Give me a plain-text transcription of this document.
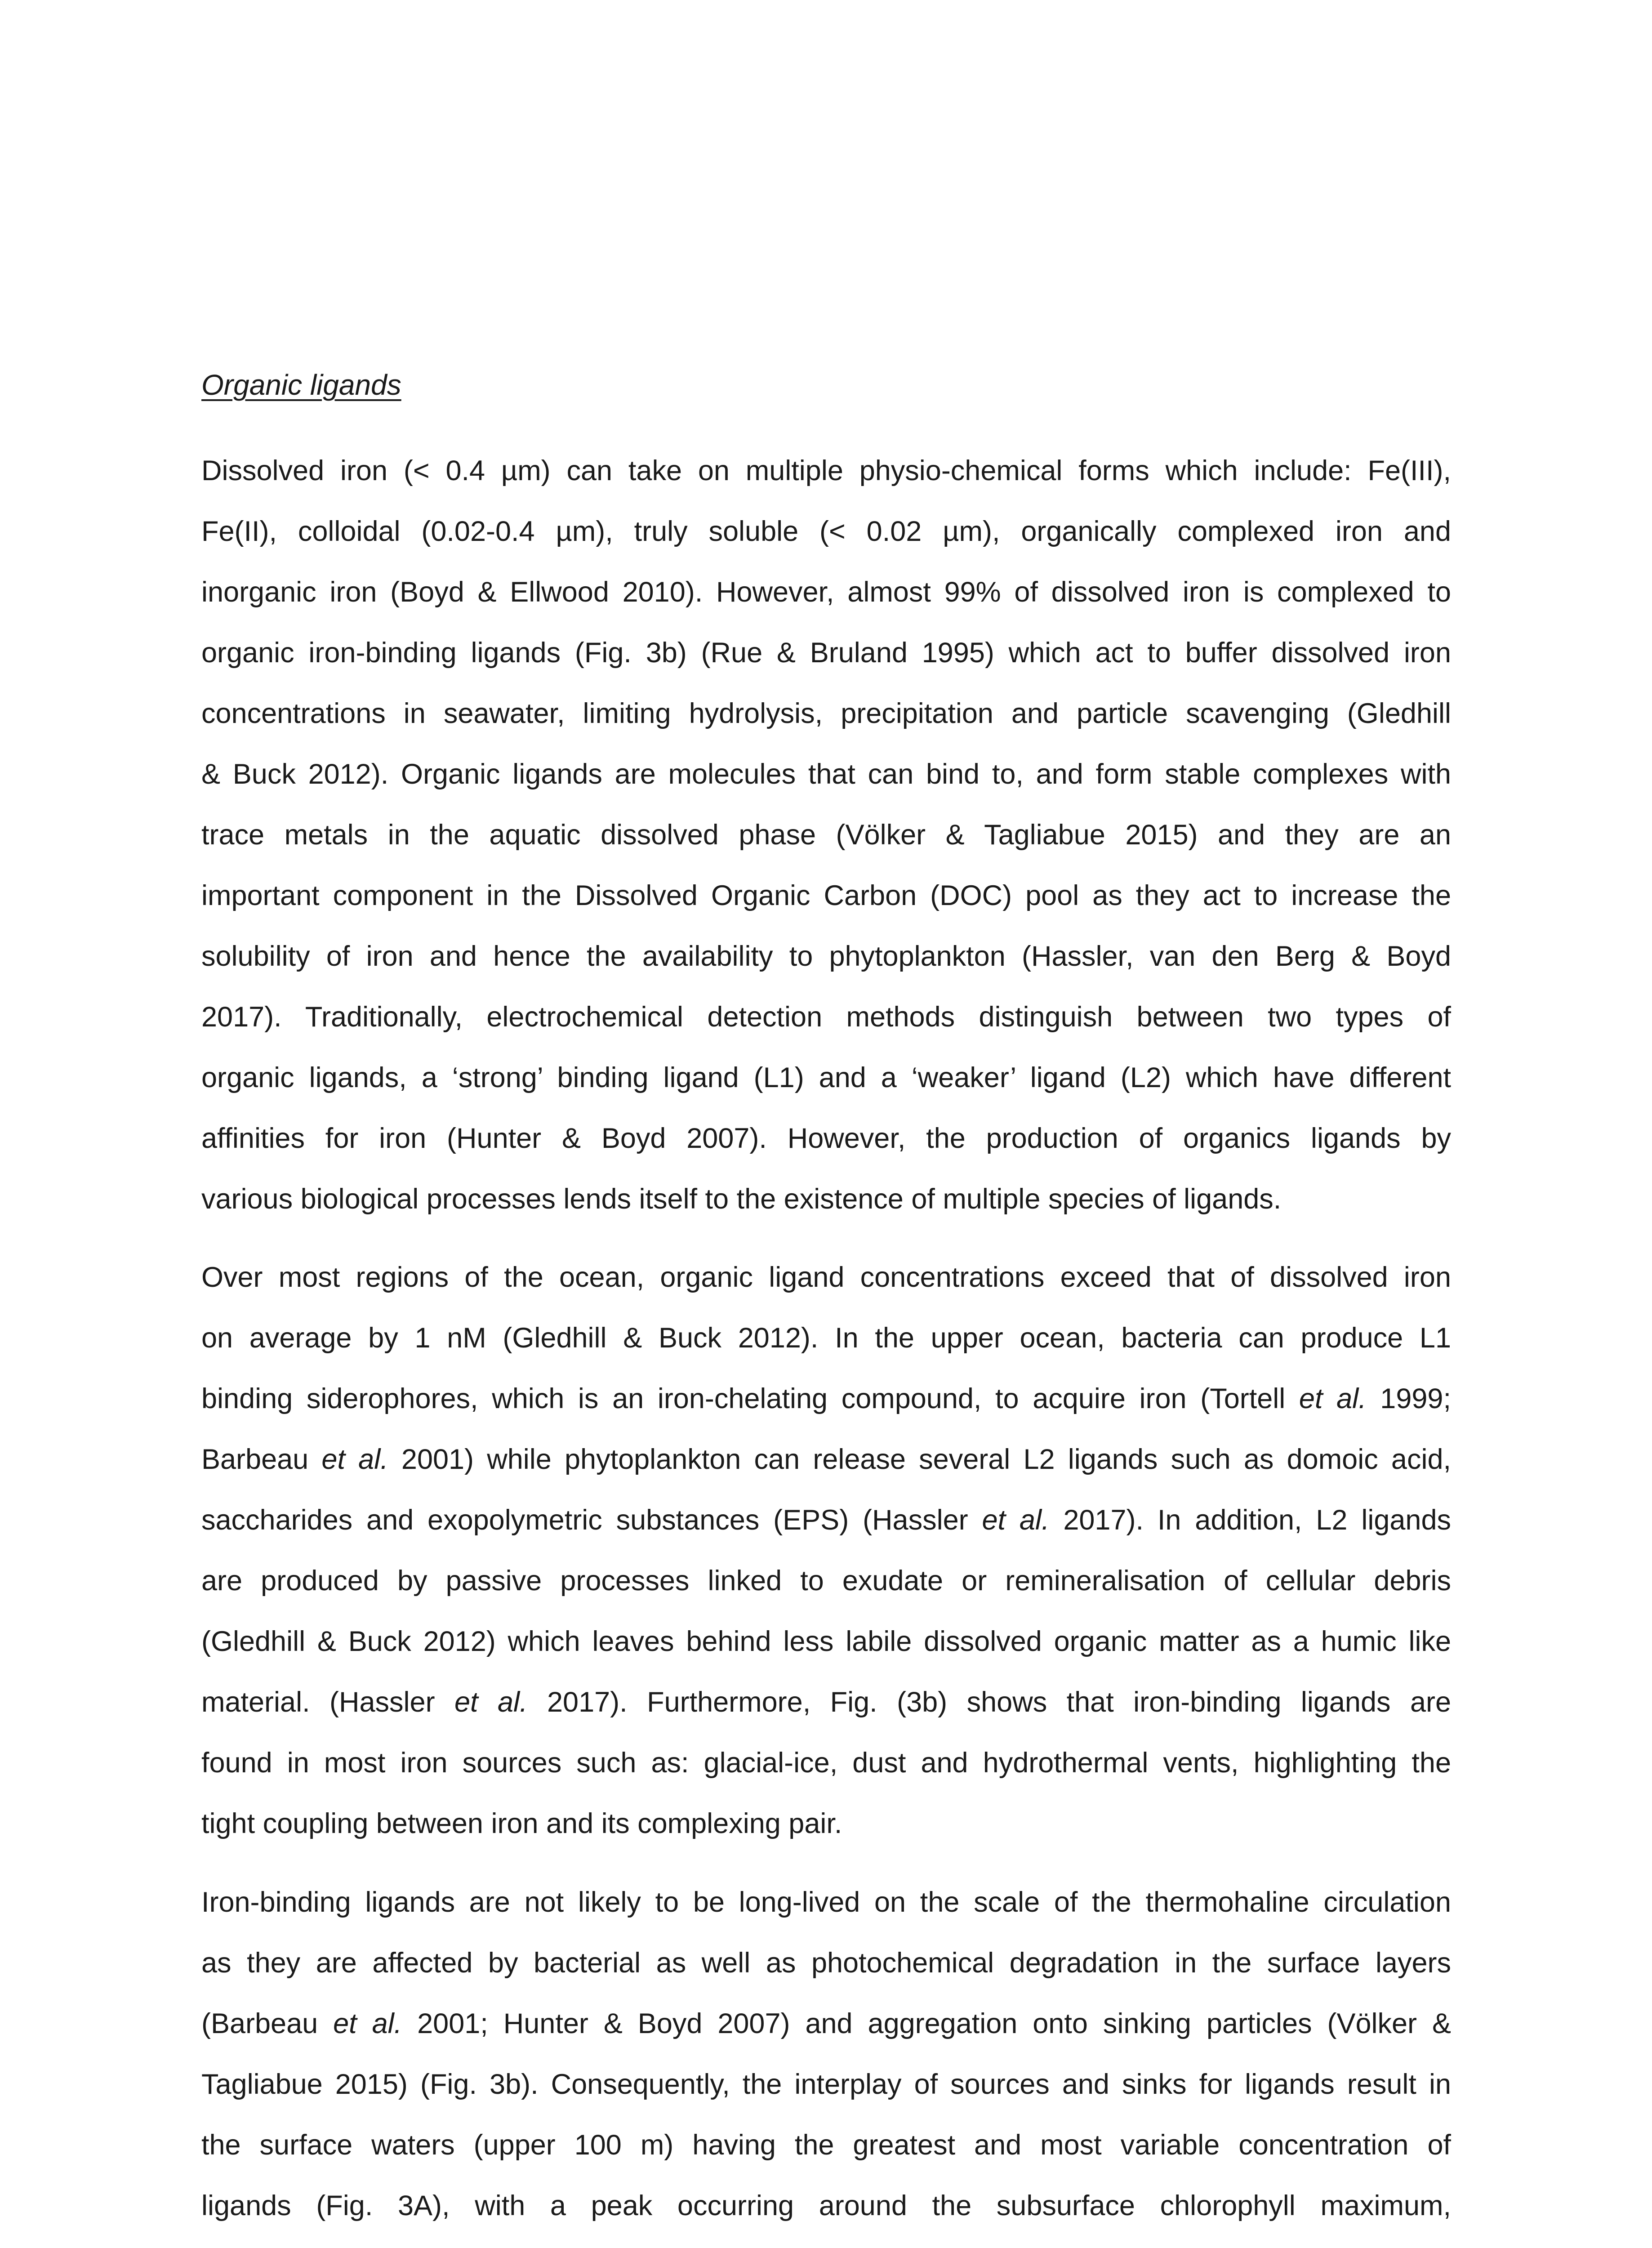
Organic ligands
Dissolved iron (< 0.4 µm) can take on multiple physio-chemical forms which include: Fe(III),
Fe(II), colloidal (0.02-0.4 µm), truly soluble (< 0.02 µm), organically complexed iron and
inorganic iron (Boyd & Ellwood 2010). However, almost 99% of dissolved iron is complexed to
organic iron-binding ligands (Fig. 3b) (Rue & Bruland 1995) which act to buffer dissolved iron
concentrations in seawater, limiting hydrolysis, precipitation and particle scavenging (Gledhill
& Buck 2012). Organic ligands are molecules that can bind to, and form stable complexes with
trace metals in the aquatic dissolved phase (Völker & Tagliabue 2015) and they are an
important component in the Dissolved Organic Carbon (DOC) pool as they act to increase the
solubility of iron and hence the availability to phytoplankton (Hassler, van den Berg & Boyd
2017). Traditionally, electrochemical detection methods distinguish between two types of
organic ligands, a ‘strong’ binding ligand (L1) and a ‘weaker’ ligand (L2) which have different
affinities for iron (Hunter & Boyd 2007). However, the production of organics ligands by
various biological processes lends itself to the existence of multiple species of ligands.
Over most regions of the ocean, organic ligand concentrations exceed that of dissolved iron
on average by 1 nM (Gledhill & Buck 2012). In the upper ocean, bacteria can produce L1
binding siderophores, which is an iron-chelating compound, to acquire iron (Tortell et al. 1999;
Barbeau et al. 2001) while phytoplankton can release several L2 ligands such as domoic acid,
saccharides and exopolymetric substances (EPS) (Hassler et al. 2017). In addition, L2 ligands
are produced by passive processes linked to exudate or remineralisation of cellular debris
(Gledhill & Buck 2012) which leaves behind less labile dissolved organic matter as a humic like
material. (Hassler et al. 2017). Furthermore, Fig. (3b) shows that iron-binding ligands are
found in most iron sources such as: glacial-ice, dust and hydrothermal vents, highlighting the
tight coupling between iron and its complexing pair.
Iron-binding ligands are not likely to be long-lived on the scale of the thermohaline circulation
as they are affected by bacterial as well as photochemical degradation in the surface layers
(Barbeau et al. 2001; Hunter & Boyd 2007) and aggregation onto sinking particles (Völker &
Tagliabue 2015) (Fig. 3b). Consequently, the interplay of sources and sinks for ligands result in
the surface waters (upper 100 m) having the greatest and most variable concentration of
ligands (Fig. 3A), with a peak occurring around the subsurface chlorophyll maximum,
